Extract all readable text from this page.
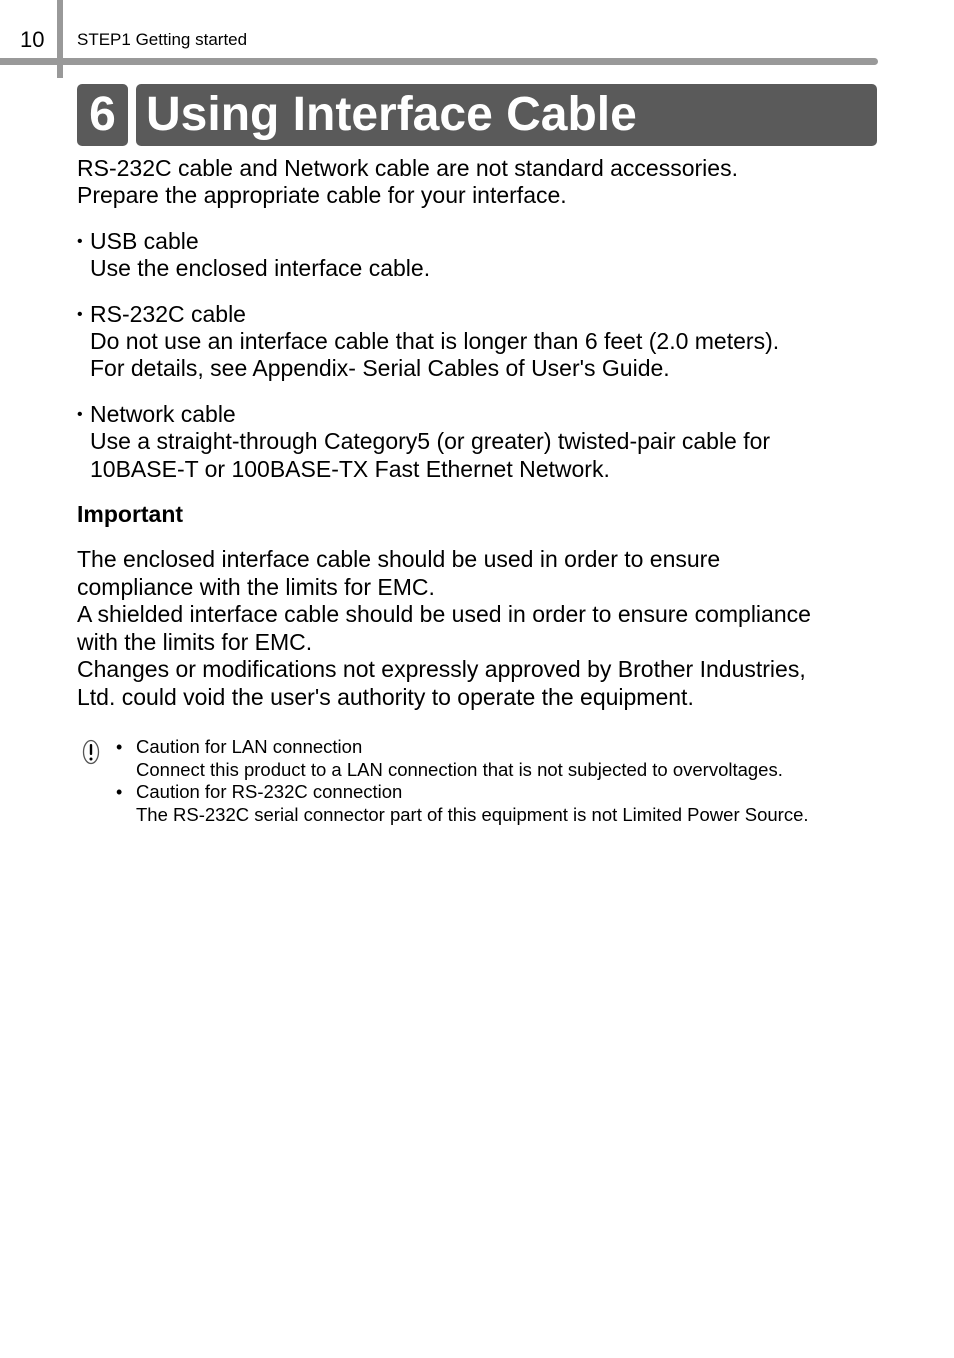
10 STEP1 Getting started
6 Using Interface Cable

RS-232C cable and Network cable are not standard accessories.
Prepare the appropriate cable for your interface.

• USB cable
Use the enclosed interface cable.
• RS-232C cable
Do not use an interface cable that is longer than 6 feet (2.0 meters).
For details, see Appendix- Serial Cables of User's Guide.
• Network cable
Use a straight-through Category5 (or greater) twisted-pair cable for
10BASE-T or 100BASE-TX Fast Ethernet Network.

Important

The enclosed interface cable should be used in order to ensure
compliance with the limits for EMC.
A shielded interface cable should be used in order to ensure compliance
with the limits for EMC.
Changes or modifications not expressly approved by Brother Industries,
Ltd. could void the user's authority to operate the equipment.

• Caution for LAN connection
Connect this product to a LAN connection that is not subjected to overvoltages.
• Caution for RS-232C connection
The RS-232C serial connector part of this equipment is not Limited Power Source.
